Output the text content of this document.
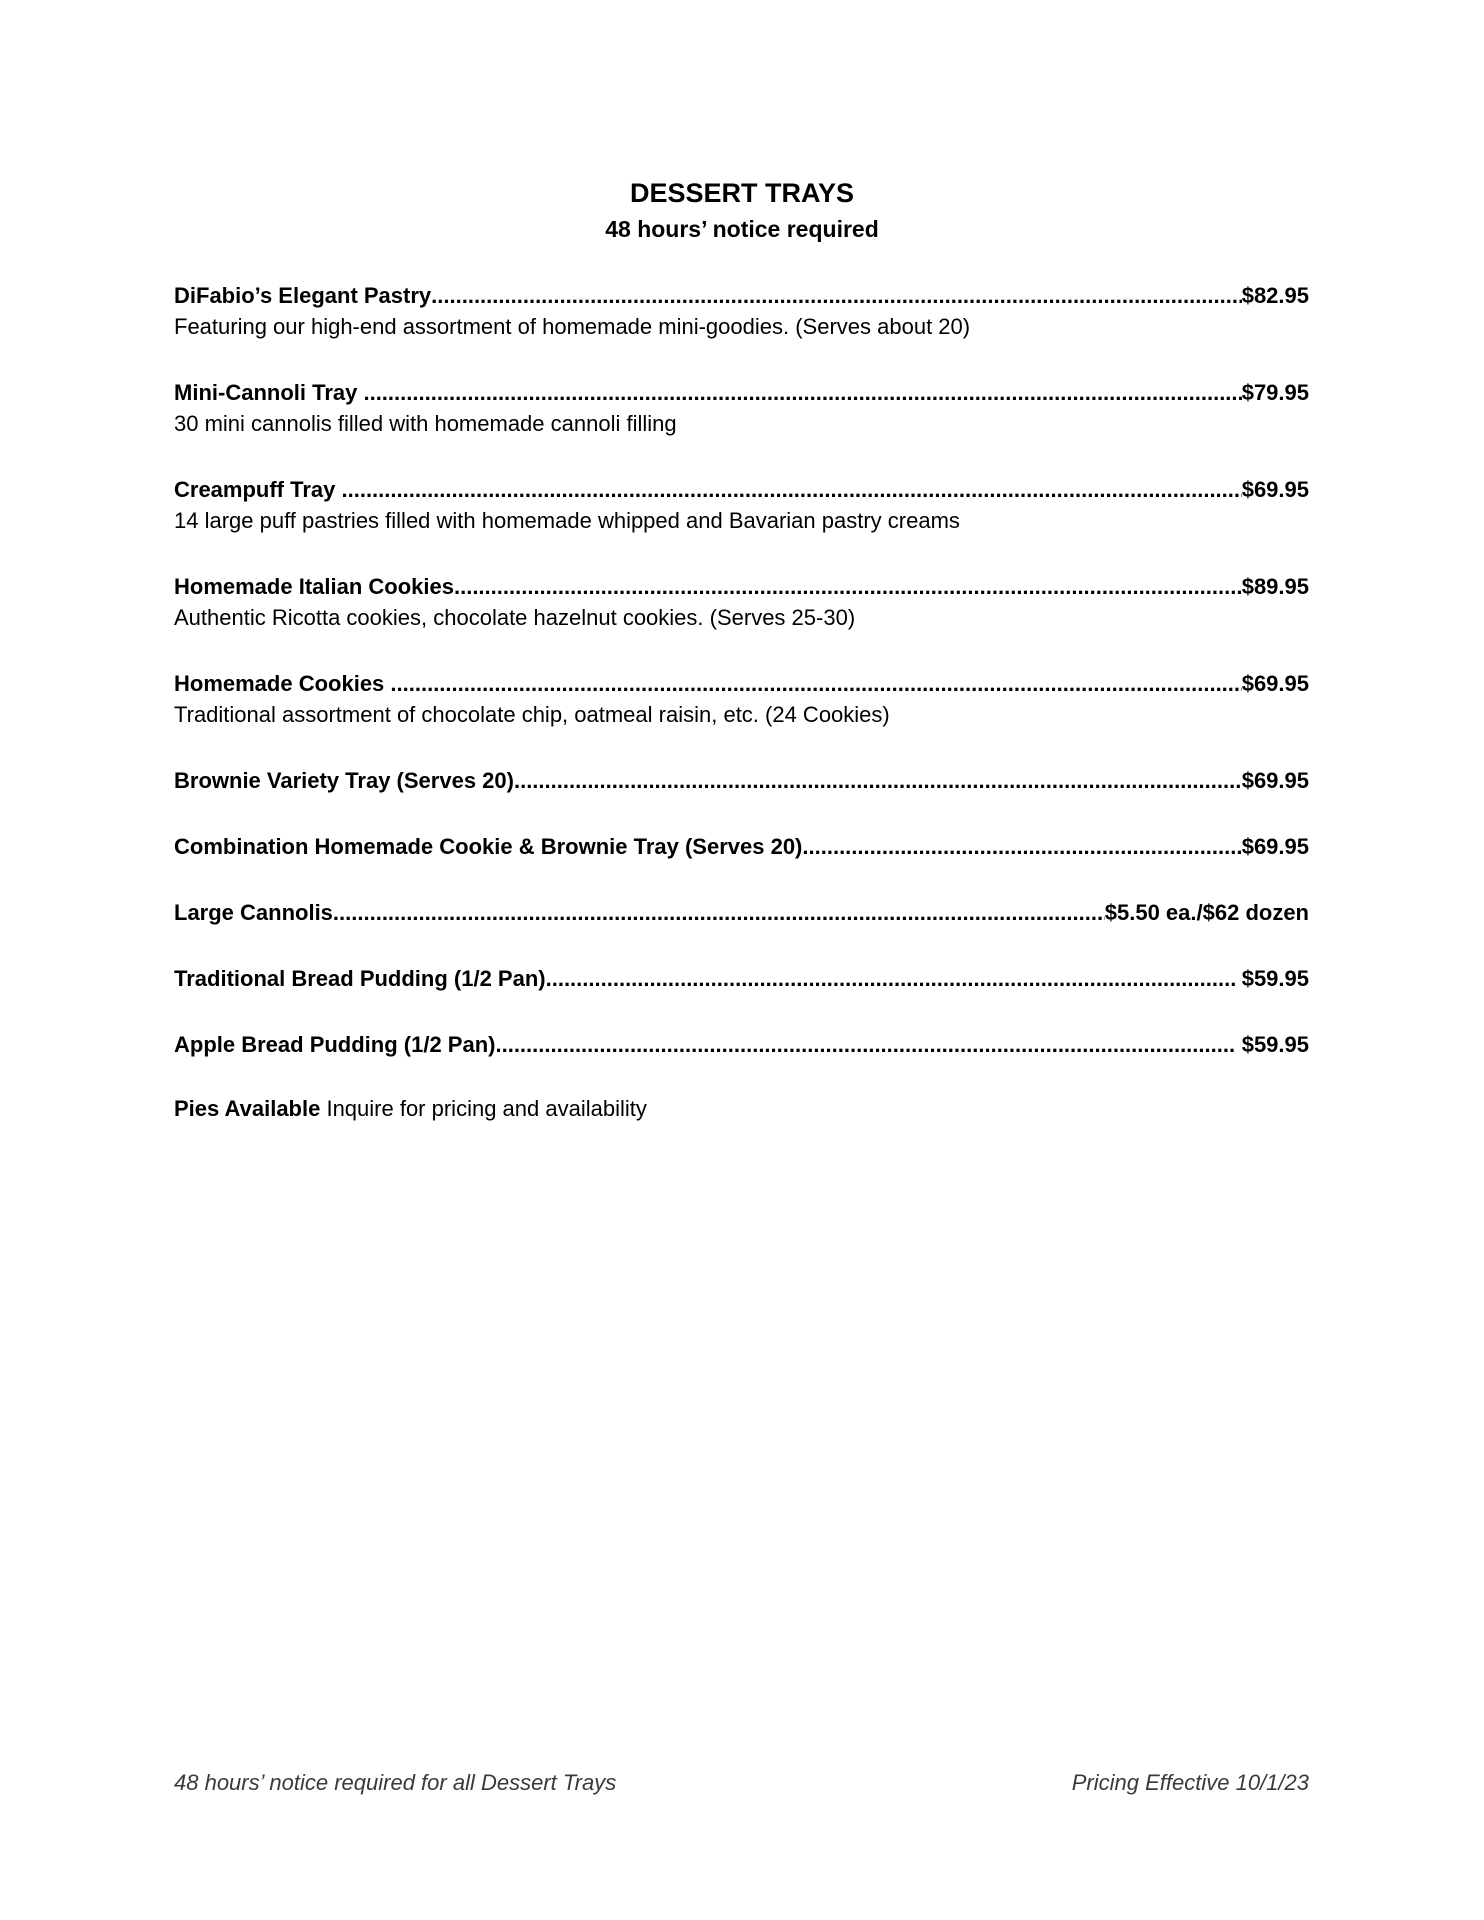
DESSERT TRAYS
48 hours’ notice required
DiFabio’s Elegant Pastry .....	$82.95

Featuring our high-end assortment of homemade mini-goodies. (Serves about 20)

Mini-Cannoli Tray .....	$79.95

30 mini cannolis filled with homemade cannoli filling

Creampuff Tray .....	$69.95

14 large puff pastries filled with homemade whipped and Bavarian pastry creams

Homemade Italian Cookies .....	$89.95

Authentic Ricotta cookies, chocolate hazelnut cookies. (Serves 25-30)

Homemade Cookies .....	$69.95

Traditional assortment of chocolate chip, oatmeal raisin, etc. (24 Cookies)

Brownie Variety Tray (Serves 20) .....	$69.95
Combination Homemade Cookie & Brownie Tray (Serves 20) .....	$69.95
Large Cannolis .....	$5.50 ea./$62 dozen
Traditional Bread Pudding (1/2 Pan) .....	$59.95
Apple Bread Pudding (1/2 Pan) .....	$59.95
Pies Available Inquire for pricing and availability
48 hours’ notice required for all Dessert Trays	Pricing Effective 10/1/23
